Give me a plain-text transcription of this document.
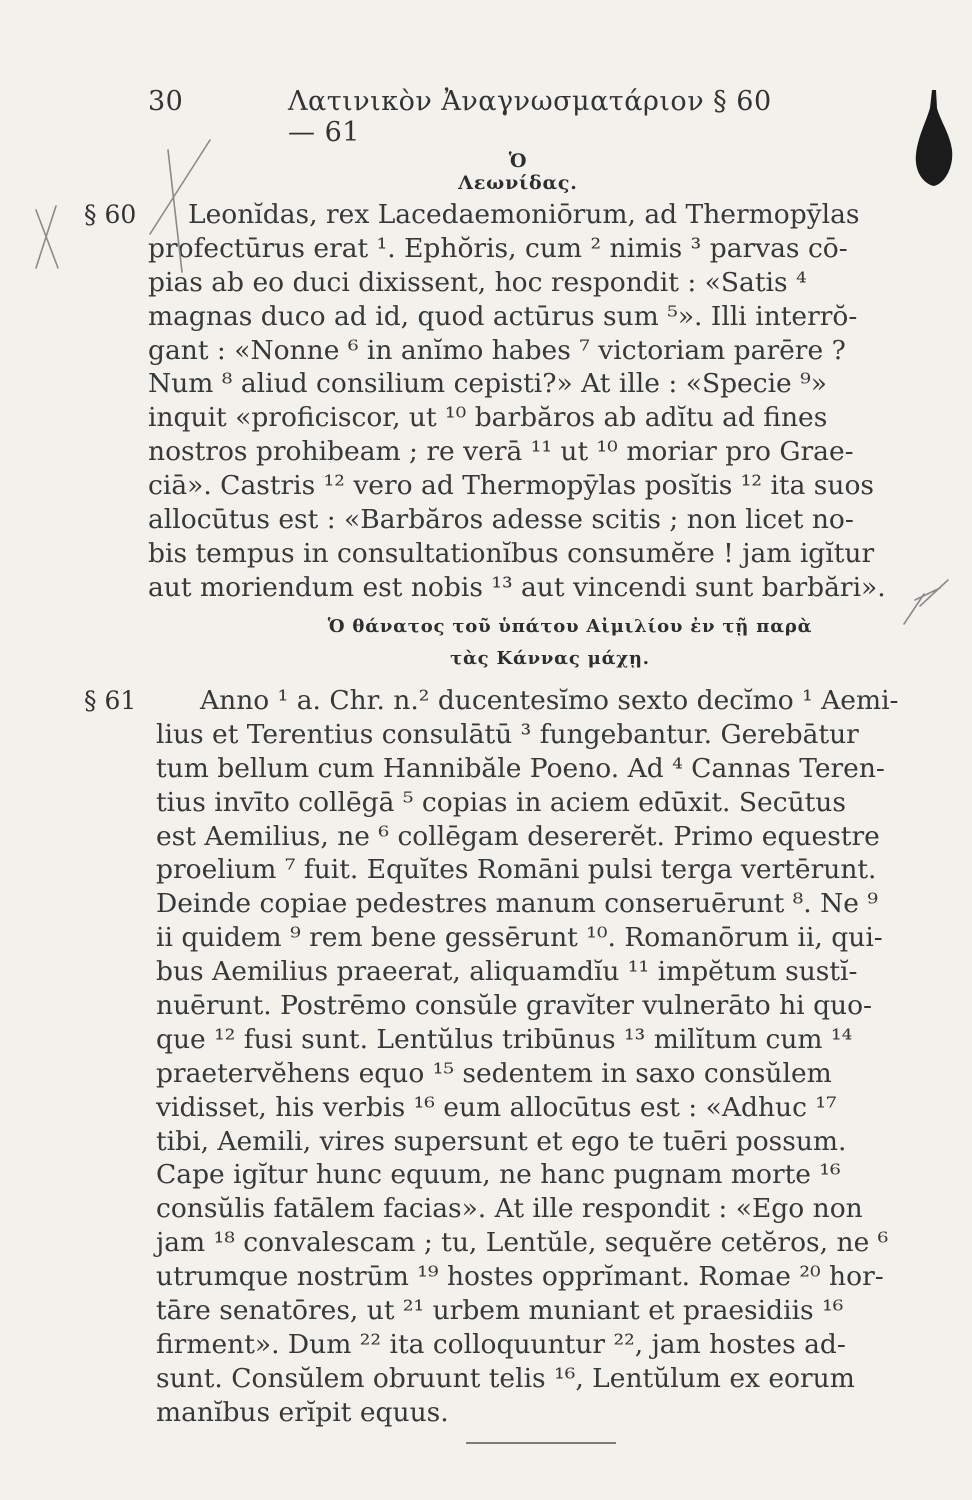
30	Λατινικὸν Ἀναγνωσματάριον § 60 — 61
Ὁ Λεωνίδας.
§ 60	Leonĭdas, rex Lacedaemoniōrum, ad Thermopȳlas
profectūrus erat ¹. Ephŏris, cum ² nimis ³ parvas cō-
pias ab eo duci dixissent, hoc respondit : «Satis ⁴
magnas duco ad id, quod actūrus sum ⁵». Illi interrŏ-
gant : «Nonne ⁶ in anĭmo habes ⁷ victoriam parēre ?
Num ⁸ aliud consilium cepisti?» At ille : «Specie ⁹»
inquit «proficiscor, ut ¹⁰ barbăros ab adĭtu ad fines
nostros prohibeam ; re verā ¹¹ ut ¹⁰ moriar pro Grae-
ciā». Castris ¹² vero ad Thermopȳlas posĭtis ¹² ita suos
allocūtus est : «Barbăros adesse scitis ; non licet no-
bis tempus in consultationĭbus consumĕre ! jam igĭtur
aut moriendum est nobis ¹³ aut vincendi sunt barbări».
Ὁ θάνατος τοῦ ὑπάτου Αἰμιλίου ἐν τῇ παρὰ
τὰς Κάννας μάχῃ.
§ 61	Anno ¹ a. Chr. n.² ducentesĭmo sexto decĭmo ¹ Aemi-
lius et Terentius consulātū ³ fungebantur. Gerebātur
tum bellum cum Hannibăle Poeno. Ad ⁴ Cannas Teren-
tius invīto collēgā ⁵ copias in aciem edūxit. Secūtus
est Aemilius, ne ⁶ collēgam desererĕt. Primo equestre
proelium ⁷ fuit. Equĭtes Romāni pulsi terga vertērunt.
Deinde copiae pedestres manum conseruērunt ⁸. Ne ⁹
ii quidem ⁹ rem bene gessērunt ¹⁰. Romanōrum ii, qui-
bus Aemilius praeerat, aliquamdĭu ¹¹ impĕtum sustĭ-
nuērunt. Postrēmo consŭle gravĭter vulnerāto hi quo-
que ¹² fusi sunt. Lentŭlus tribūnus ¹³ milĭtum cum ¹⁴
praetervĕhens equo ¹⁵ sedentem in saxo consŭlem
vidisset, his verbis ¹⁶ eum allocūtus est : «Adhuc ¹⁷
tibi, Aemili, vires supersunt et ego te tuēri possum.
Cape igĭtur hunc equum, ne hanc pugnam morte ¹⁶
consŭlis fatālem facias». At ille respondit : «Ego non
jam ¹⁸ convalescam ; tu, Lentŭle, sequĕre cetĕros, ne ⁶
utrumque nostrūm ¹⁹ hostes opprĭmant. Romae ²⁰ hor-
tāre senatōres, ut ²¹ urbem muniant et praesidiis ¹⁶
firment». Dum ²² ita colloquuntur ²², jam hostes ad-
sunt. Consŭlem obruunt telis ¹⁶, Lentŭlum ex eorum
manĭbus erĭpit equus.
